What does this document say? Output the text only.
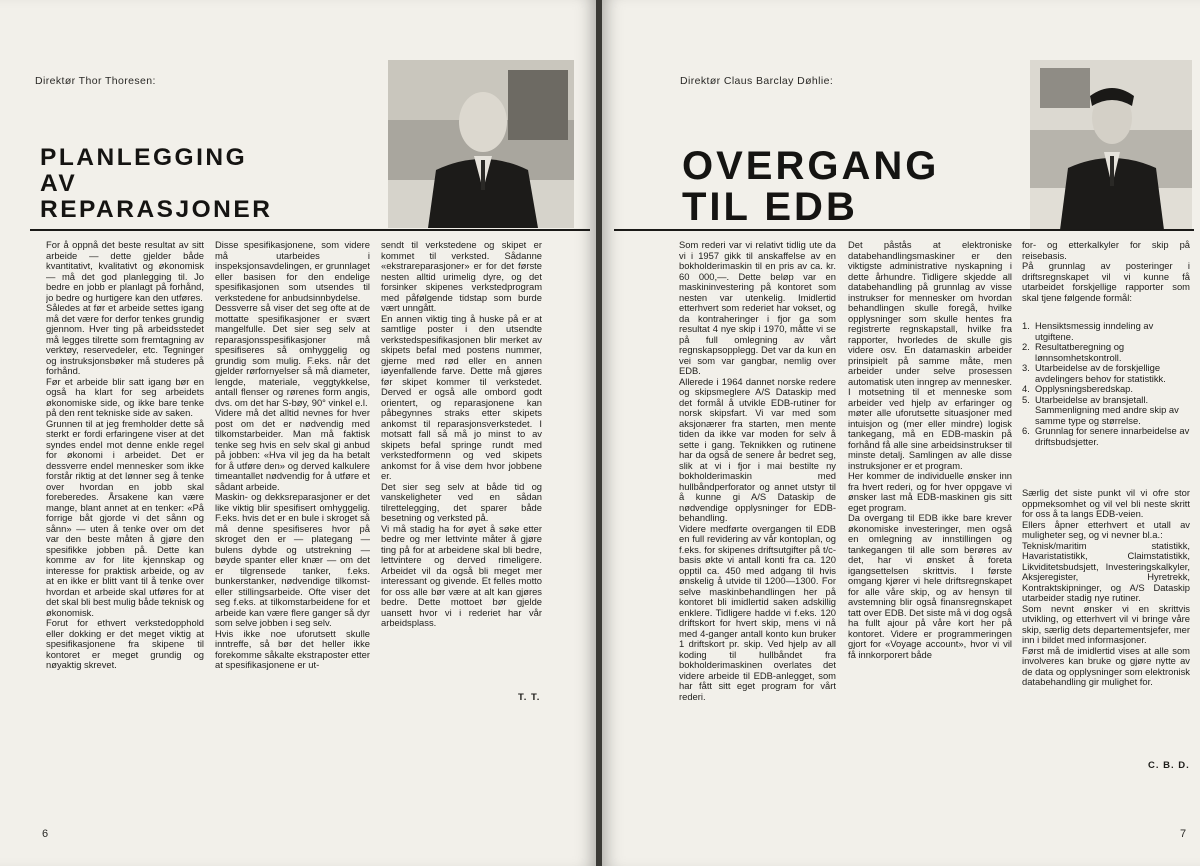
Direktør Thor Thoresen:
PLANLEGGING
AV
REPARASJONER

For å oppnå det beste resultat av sitt arbeide — dette gjelder både kvantitativt, kvalitativt og økonomisk — må det god planlegging til. Jo bedre en jobb er planlagt på forhånd, jo bedre og hurtigere kan den utføres.
Således at før et arbeide settes igang må det være for derfor tenkes grundig gjennom. Hver ting på arbeidsstedet må legges tilrette som fremtagning av verktøy, reservedeler, etc. Tegninger og instruksjonsbøker må studeres på forhånd.
Før et arbeide blir satt igang bør en også ha klart for seg arbeidets økonomiske side, og ikke bare tenke på den rent tekniske side av saken.
Grunnen til at jeg fremholder dette så sterkt er fordi erfaringene viser at det syndes endel mot denne enkle regel for økonomi i arbeidet. Det er dessverre endel mennesker som ikke forstår riktig at det lønner seg å tenke over hvordan en jobb skal foreberedes. Årsakene kan være mange, blant annet at en tenker: «På forrige båt gjorde vi det sånn og sånn» — uten å tenke over om det var den beste måten å gjøre den spesifikke jobben på. Dette kan komme av for lite kjennskap og interesse for praktisk arbeide, og av at en ikke er blitt vant til å tenke over hvordan et arbeide skal utføres for at det skal bli best mulig både teknisk og økonomisk.
Forut for ethvert verkstedopphold eller dokking er det meget viktig at spesifikasjonene fra skipene til kontoret er meget grundig og nøyaktig skrevet.

Disse spesifikasjonene, som videre må utarbeides i inspeksjonsavdelingen, er grunnlaget eller basisen for den endelige spesifikasjonen som utsendes til verkstedene for anbudsinnbydelse.
Dessverre så viser det seg ofte at de mottatte spesifikasjoner er svært mangelfulle. Det sier seg selv at reparasjonsspesifikasjoner må spesifiseres så omhyggelig og grundig som mulig. F.eks. når det gjelder rørfornyelser så må diameter, lengde, materiale, veggtykkelse, antall flenser og rørenes form angis, dvs. om det har S-bøy, 90° vinkel e.l.
Videre må det alltid nevnes for hver post om det er nødvendig med tilkomstarbeider. Man må faktisk tenke seg hvis en selv skal gi anbud på jobben: «Hva vil jeg da ha betalt for å utføre den» og derved kalkulere timeantallet nødvendig for å utføre et sådant arbeide.
Maskin- og dekksreparasjoner er det like viktig blir spesifisert omhyggelig. F.eks. hvis det er en bule i skroget så må denne spesifiseres hvor på skroget den er — plategang — bulens dybde og utstrekning — bøyde spanter eller knær — om det er tilgrensede tanker, f.eks. bunkerstanker, nødvendige tilkomst- eller stillingsarbeide. Ofte viser det seg f.eks. at tilkomstarbeidene for et arbeide kan være flere ganger så dyr som selve jobben i seg selv.
Hvis ikke noe uforutsett skulle inntreffe, så bør det heller ikke forekomme såkalte ekstraposter etter at spesifikasjonene er ut-

sendt til verkstedene og skipet er kommet til verksted. Sådanne «ekstrareparasjoner» er for det første nesten alltid urimelig dyre, og det forsinker skipenes verkstedprogram med påfølgende tidstap som burde vært unngått.
En annen viktig ting å huske på er at samtlige poster i den utsendte verkstedspesifikasjonen blir merket av skipets befal med postens nummer, gjerne med rød eller en annen iøyenfallende farve. Dette må gjøres før skipet kommer til verkstedet. Derved er også alle ombord godt orientert, og reparasjonene kan påbegynnes straks etter skipets ankomst til reparasjonsverkstedet. I motsatt fall så må jo minst to av skipets befal springe rundt med verkstedformenn og ved skipets ankomst for å vise dem hvor jobbene er.
Det sier seg selv at både tid og vanskeligheter ved en sådan tilrettelegging, det sparer både besetning og verksted på.
Vi må stadig ha for øyet å søke etter bedre og mer lettvinte måter å gjøre ting på for at arbeidene skal bli bedre, lettvintere og derved rimeligere. Arbeidet vil da også bli meget mer interessant og givende. Et felles motto for oss alle bør være at alt kan gjøres bedre. Dette mottoet bør gjelde uansett hvor vi i rederiet har vår arbeidsplass.

T. T.
6
Direktør Claus Barclay Døhlie:
OVERGANG
TIL EDB

Som rederi var vi relativt tidlig ute da vi i 1957 gikk til anskaffelse av en bokholderimaskin til en pris av ca. kr. 60 000,—. Dette beløp var en maskininvestering på kontoret som nesten var utenkelig. Imidlertid etterhvert som rederiet har vokset, og da kontraheringer i fjor ga som resultat 4 nye skip i 1970, måtte vi se på full omlegning av vårt regnskapsopplegg. Det var da kun en vei som var gangbar, nemlig over EDB.
Allerede i 1964 dannet norske redere og skipsmeglere A/S Dataskip med det formål å utvikle EDB-rutiner for norsk skipsfart. Vi var med som aksjonærer fra starten, men mente tiden da ikke var moden for selv å sette i gang. Teknikken og rutinene har da også de senere år bedret seg, slik at vi i fjor i mai bestilte ny bokholderimaskin med hullbåndperforator og annet utstyr til å kunne gi A/S Dataskip de nødvendige opplysninger for EDB-behandling.
Videre medførte overgangen til EDB en full revidering av vår kontoplan, og f.eks. for skipenes driftsutgifter på t/c-basis økte vi antall konti fra ca. 120 opptil ca. 450 med adgang til hvis ønskelig å utvide til 1200—1300. For selve maskinbehandlingen her på kontoret bli imidlertid saken adskillig enklere. Tidligere hadde vi f.eks. 120 driftskort for hvert skip, mens vi nå med 4-ganger antall konto kun bruker 1 driftskort pr. skip. Ved hjelp av all koding til hullbåndet fra bokholderimaskinen overlates det videre arbeide til EDB-anlegget, som har fått sitt eget program for vårt rederi.

Det påstås at elektroniske databehandlingsmaskiner er den viktigste administrative nyskapning i dette århundre. Tidligere skjedde all databehandling på grunnlag av visse instrukser for mennesker om hvordan behandlingen skulle foregå, hvilke opplysninger som skulle hentes fra registrerte regnskapstall, hvilke fra rapporter, hvorledes de skulle gis videre osv. En datamaskin arbeider prinsipielt på samme måte, men arbeider under selve prosessen automatisk uten inngrep av mennesker. I motsetning til et menneske som arbeider ved hjelp av erfaringer og møter alle uforutsette situasjoner med intuisjon og (mer eller mindre) logisk tankegang, må en EDB-maskin på forhånd få alle sine arbeidsinstrukser til minste detalj. Samlingen av alle disse instruksjoner er et program.
Her kommer de individuelle ønsker inn fra hvert rederi, og for hver oppgave vi ønsker last må EDB-maskinen gis sitt eget program.
Da overgang til EDB ikke bare krever økonomiske investeringer, men også en omlegning av innstillingen og tankegangen til alle som berøres av det, har vi ønsket å foreta igangsettelsen skrittvis. I første omgang kjører vi hele driftsregnskapet for alle våre skip, og av hensyn til avstemning blir også finansregnskapet tatt over EDB. Det siste må vi dog også ha fullt ajour på våre kort her på kontoret. Videre er programmeringen gjort for «Voyage account», hvor vi vil få innkorporert både

for- og etterkalkyler for skip på reisebasis.
På grunnlag av posteringer i driftsregnskapet vil vi kunne få utarbeidet forskjellige rapporter som skal tjene følgende formål:

1. Hensiktsmessig inndeling av utgiftene.
2. Resultatberegning og lønnsomhetskontroll.
3. Utarbeidelse av de forskjellige avdelingers behov for statistikk.
4. Opplysningsberedskap.
5. Utarbeidelse av bransjetall. Sammenligning med andre skip av samme type og størrelse.
6. Grunnlag for senere innarbeidelse av driftsbudsjetter.

Særlig det siste punkt vil vi ofre stor oppmeksomhet og vil vel bli neste skritt for oss å ta langs EDB-veien.
Ellers åpner etterhvert et utall av muligheter seg, og vi nevner bl.a.:
Teknisk/maritim statistikk, Havaristatistikk, Claimstatistikk, Likviditetsbudsjett, Investeringskalkyler, Aksjeregister, Hyretrekk, Kontraktskipninger, og A/S Dataskip utarbeider stadig nye rutiner.
Som nevnt ønsker vi en skrittvis utvikling, og etterhvert vil vi bringe våre skip, særlig dets departementsjefer, mer inn i bildet med informasjoner.
Først må de imidlertid vises at alle som involveres kan bruke og gjøre nytte av de data og opplysninger som elektronisk databehandling gir mulighet for.

C. B. D.
7
